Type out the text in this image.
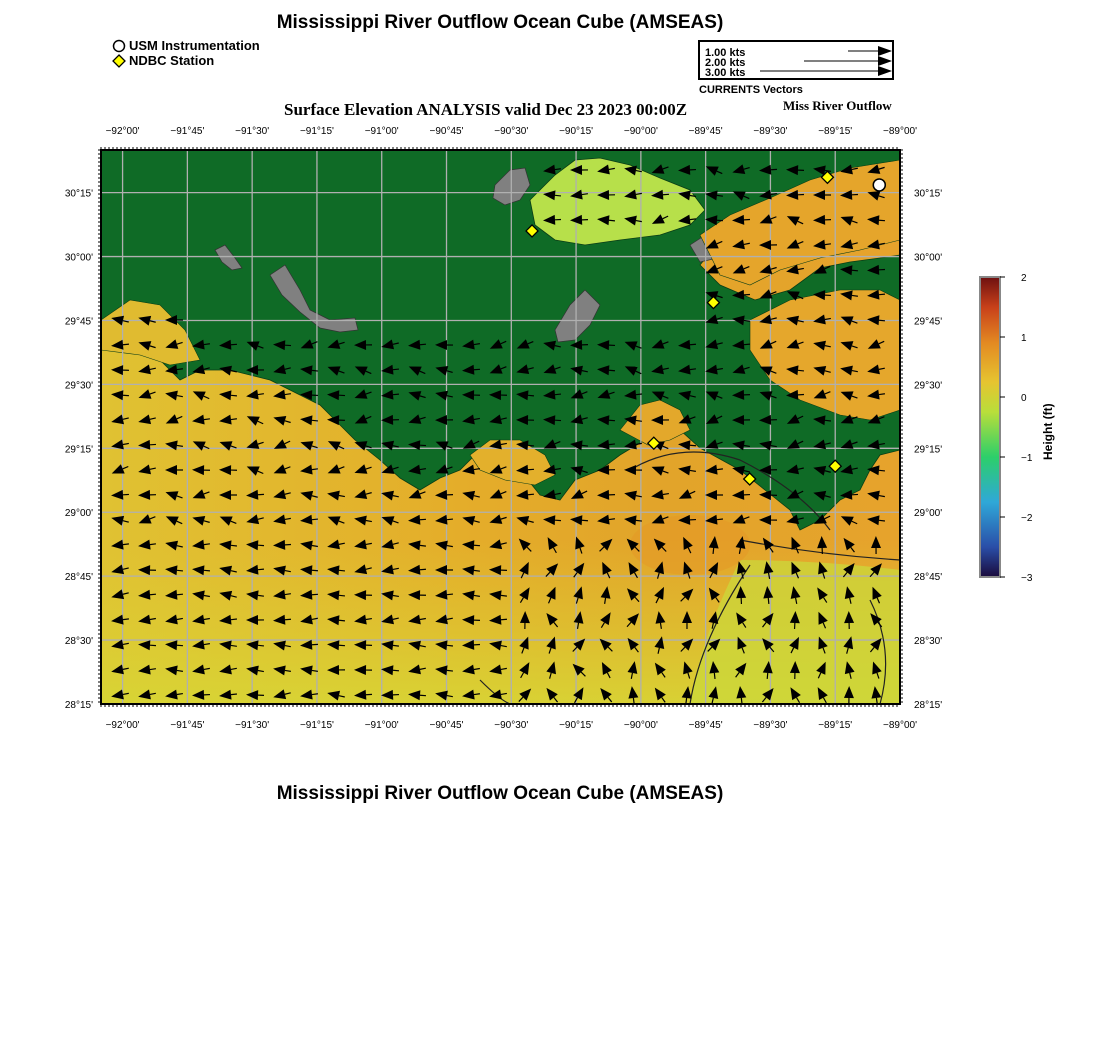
Mississippi River Outflow Ocean Cube (AMSEAS)
USM Instrumentation
NDBC Station	1.00 kts
2.00 kts
3.00 kts
CURRENTS Vectors
Surface Elevation ANALYSIS valid Dec 23 2023 00:00Z	Miss River Outflow
−92°00'
−92°00'
−91°45'
−91°45'
−91°30'
−91°30'
−91°15'
−91°15'
−91°00'
−91°00'
−90°45'
−90°45'
−90°30'
−90°30'
−90°15'
−90°15'
−90°00'
−90°00'
−89°45'
−89°45'
−89°30'
−89°30'
−89°15'
−89°15'
−89°00'
−89°00'
30°15'	30°15'
30°00'	30°00'
29°45'	29°45'
29°30'	29°30'
29°15'	29°15'
29°00'	29°00'
28°45'	28°45'
28°30'	28°30'
28°15'	28°15'
2
1
0
−1
−2
−3
Height (ft)
Mississippi River Outflow Ocean Cube (AMSEAS)
